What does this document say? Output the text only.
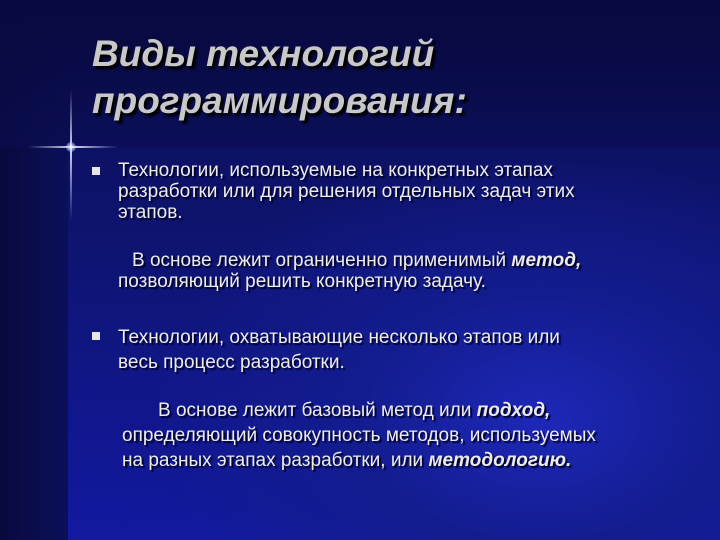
Виды технологий
программирования:
Технологии, используемые на конкретных этапах
разработки или для решения отдельных задач этих
этапов.
В основе лежит ограниченно применимый метод,
позволяющий решить конкретную задачу.
Технологии, охватывающие несколько этапов или
весь процесс разработки.
В основе лежит базовый метод или подход,
определяющий совокупность методов, используемых
на разных этапах разработки, или методологию.
